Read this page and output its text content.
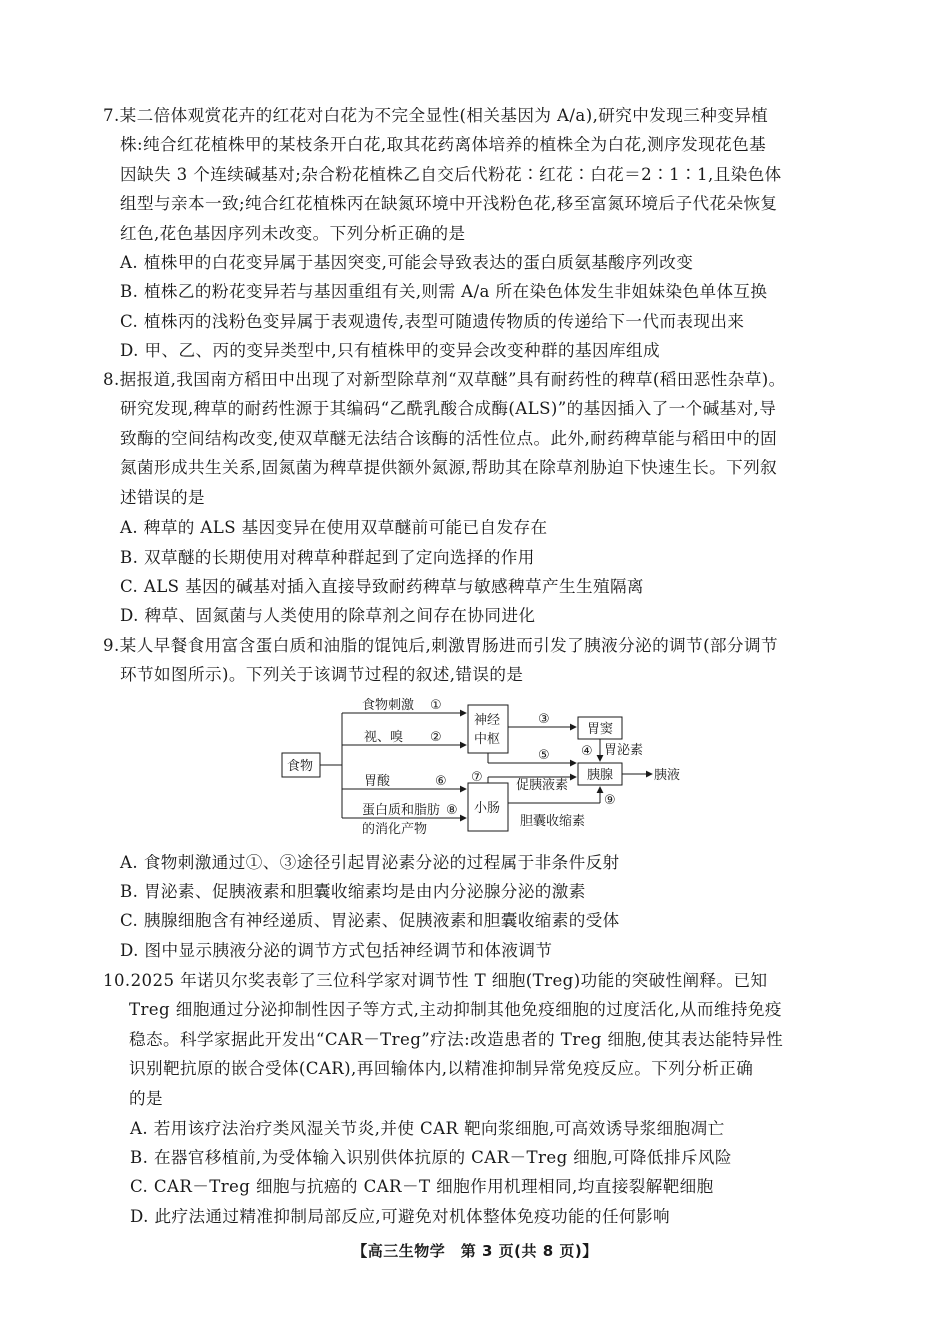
7.某二倍体观赏花卉的红花对白花为不完全显性(相关基因为 A/a),研究中发现三种变异植
株:纯合红花植株甲的某枝条开白花,取其花药离体培养的植株全为白花,测序发现花色基
因缺失 3 个连续碱基对;杂合粉花植株乙自交后代粉花∶红花∶白花＝2∶1∶1,且染色体
组型与亲本一致;纯合红花植株丙在缺氮环境中开浅粉色花,移至富氮环境后子代花朵恢复
红色,花色基因序列未改变。下列分析正确的是
A. 植株甲的白花变异属于基因突变,可能会导致表达的蛋白质氨基酸序列改变
B. 植株乙的粉花变异若与基因重组有关,则需 A/a 所在染色体发生非姐妹染色单体互换
C. 植株丙的浅粉色变异属于表观遗传,表型可随遗传物质的传递给下一代而表现出来
D. 甲、乙、丙的变异类型中,只有植株甲的变异会改变种群的基因库组成
8.据报道,我国南方稻田中出现了对新型除草剂“双草醚”具有耐药性的稗草(稻田恶性杂草)。
研究发现,稗草的耐药性源于其编码“乙酰乳酸合成酶(ALS)”的基因插入了一个碱基对,导
致酶的空间结构改变,使双草醚无法结合该酶的活性位点。此外,耐药稗草能与稻田中的固
氮菌形成共生关系,固氮菌为稗草提供额外氮源,帮助其在除草剂胁迫下快速生长。下列叙
述错误的是
A. 稗草的 ALS 基因变异在使用双草醚前可能已自发存在
B. 双草醚的长期使用对稗草种群起到了定向选择的作用
C. ALS 基因的碱基对插入直接导致耐药稗草与敏感稗草产生生殖隔离
D. 稗草、固氮菌与人类使用的除草剂之间存在协同进化
9.某人早餐食用富含蛋白质和油脂的馄饨后,刺激胃肠进而引发了胰液分泌的调节(部分调节
环节如图所示)。下列关于该调节过程的叙述,错误的是
食物
食物刺激 ①
视、嗅 ②
神经
中枢
③
胃窦
④ 胃泌素
⑤
胰腺	胰液
胃酸	⑥
蛋白质和脂肪
的消化产物
⑧ 小肠
⑦
促胰液素
⑨
胆囊收缩素
A. 食物刺激通过①、③途径引起胃泌素分泌的过程属于非条件反射
B. 胃泌素、促胰液素和胆囊收缩素均是由内分泌腺分泌的激素
C. 胰腺细胞含有神经递质、胃泌素、促胰液素和胆囊收缩素的受体
D. 图中显示胰液分泌的调节方式包括神经调节和体液调节
10.2025 年诺贝尔奖表彰了三位科学家对调节性 T 细胞(Treg)功能的突破性阐释。已知
Treg 细胞通过分泌抑制性因子等方式,主动抑制其他免疫细胞的过度活化,从而维持免疫
稳态。科学家据此开发出“CAR－Treg”疗法:改造患者的 Treg 细胞,使其表达能特异性
识别靶抗原的嵌合受体(CAR),再回输体内,以精准抑制异常免疫反应。下列分析正确
的是
A. 若用该疗法治疗类风湿关节炎,并使 CAR 靶向浆细胞,可高效诱导浆细胞凋亡
B. 在器官移植前,为受体输入识别供体抗原的 CAR－Treg 细胞,可降低排斥风险
C. CAR－Treg 细胞与抗癌的 CAR－T 细胞作用机理相同,均直接裂解靶细胞
D. 此疗法通过精准抑制局部反应,可避免对机体整体免疫功能的任何影响
【高三生物学　第 3 页(共 8 页)】
